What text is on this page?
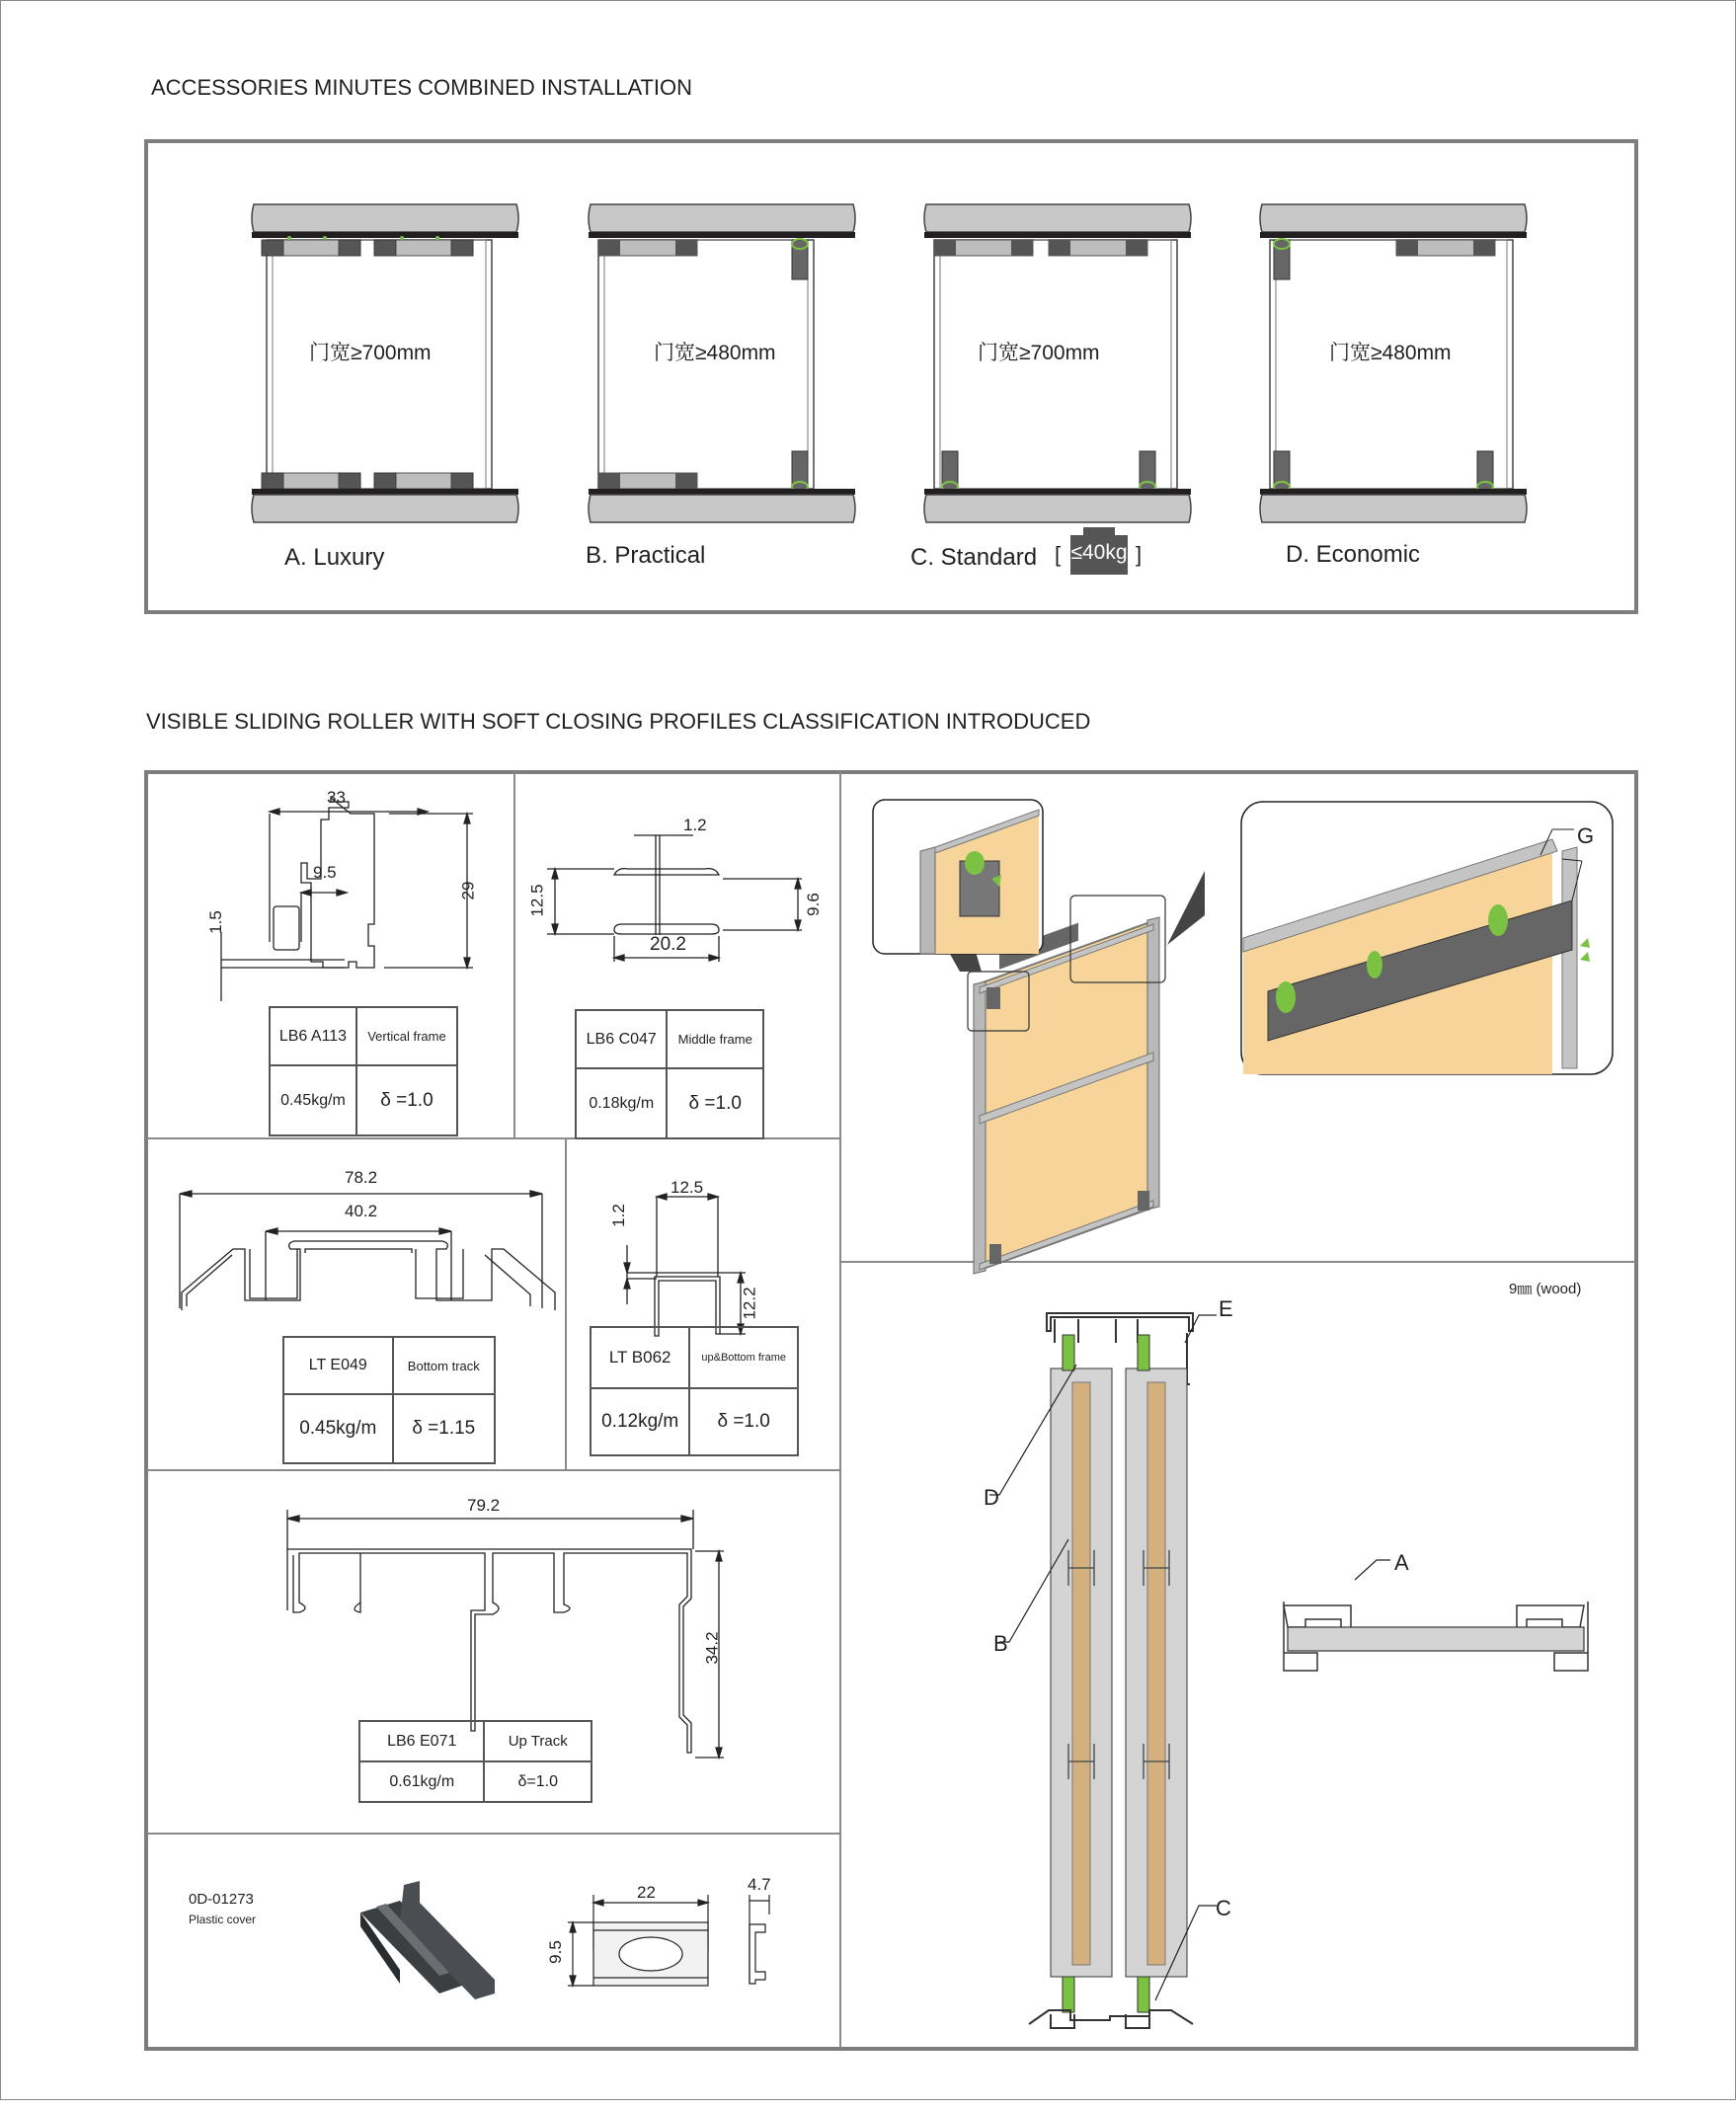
ACCESSORIES MINUTES COMBINED INSTALLATION
门宽≥700mm	门宽≥480mm	门宽≥700mm	门宽≥480mm
A. Luxury	B. Practical	C. Standard [ ≤40kg ]	D. Economic
VISIBLE SLIDING ROLLER WITH SOFT CLOSING PROFILES CLASSIFICATION INTRODUCED
33
9.5
29
1.5
LB6 A113	Vertical frame
0.45kg/m	δ =1.0
1.2
12.5	9.6
20.2
LB6 C047	Middle frame
0.18kg/m	δ =1.0
78.2
40.2
LT E049	Bottom track
0.45kg/m	δ =1.15
12.5
1.2
12.2
LT B062	up&Bottom frame
0.12kg/m	δ =1.0
79.2
34.2
LB6 E071	Up Track
0.61kg/m	δ=1.0
0D-01273
Plastic cover
22
9.5
4.7
G
9㎜ (wood)
E
D
B
A
C
